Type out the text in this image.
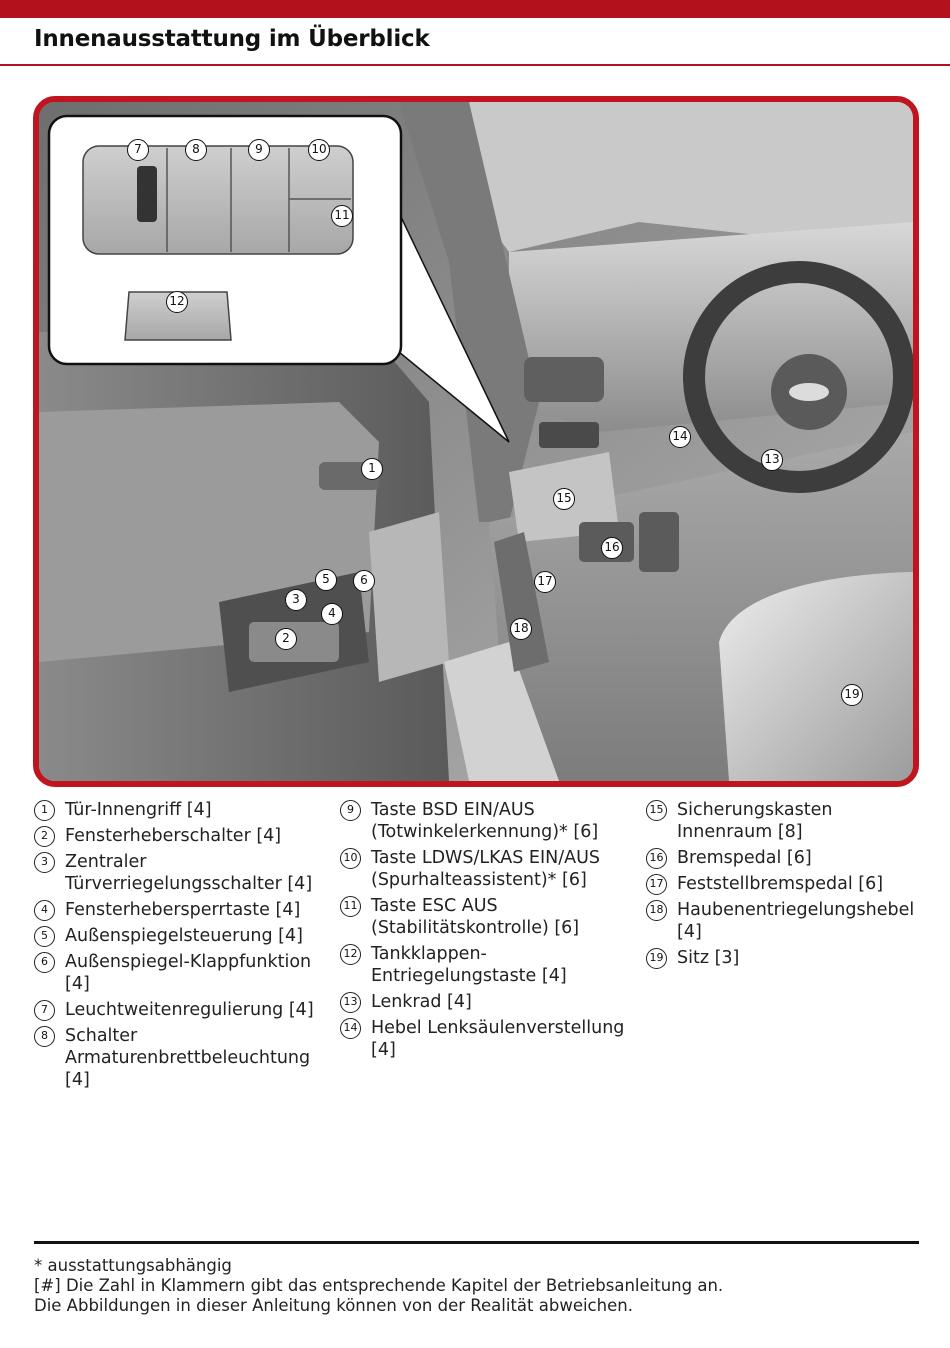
Innenausstattung im Überblick
1
2
3
4
5	6
7	8	9	10
11
12
13
14
15
16
17
18
19
1 Tür-Innengriff [4]
2 Fensterheberschalter [4]
3 Zentraler Türverriegelungsschalter [4]
4 Fensterhebersperrtaste [4]
5 Außenspiegelsteuerung [4]
6 Außenspiegel-Klappfunktion [4]
7 Leuchtweitenregulierung [4]
8 Schalter Armaturenbrettbeleuchtung [4]
9 Taste BSD EIN/AUS (Totwinkelerkennung)* [6]
10 Taste LDWS/LKAS EIN/AUS (Spurhalteassistent)* [6]
11 Taste ESC AUS (Stabilitätskontrolle) [6]
12 Tankklappen-Entriegelungstaste [4]
13 Lenkrad [4]
14 Hebel Lenksäulenverstellung [4]
15 Sicherungskasten Innenraum [8]
16 Bremspedal [6]
17 Feststellbremspedal [6]
18 Haubenentriegelungshebel [4]
19 Sitz [3]
* ausstattungsabhängig
[#] Die Zahl in Klammern gibt das entsprechende Kapitel der Betriebsanleitung an.
Die Abbildungen in dieser Anleitung können von der Realität abweichen.
